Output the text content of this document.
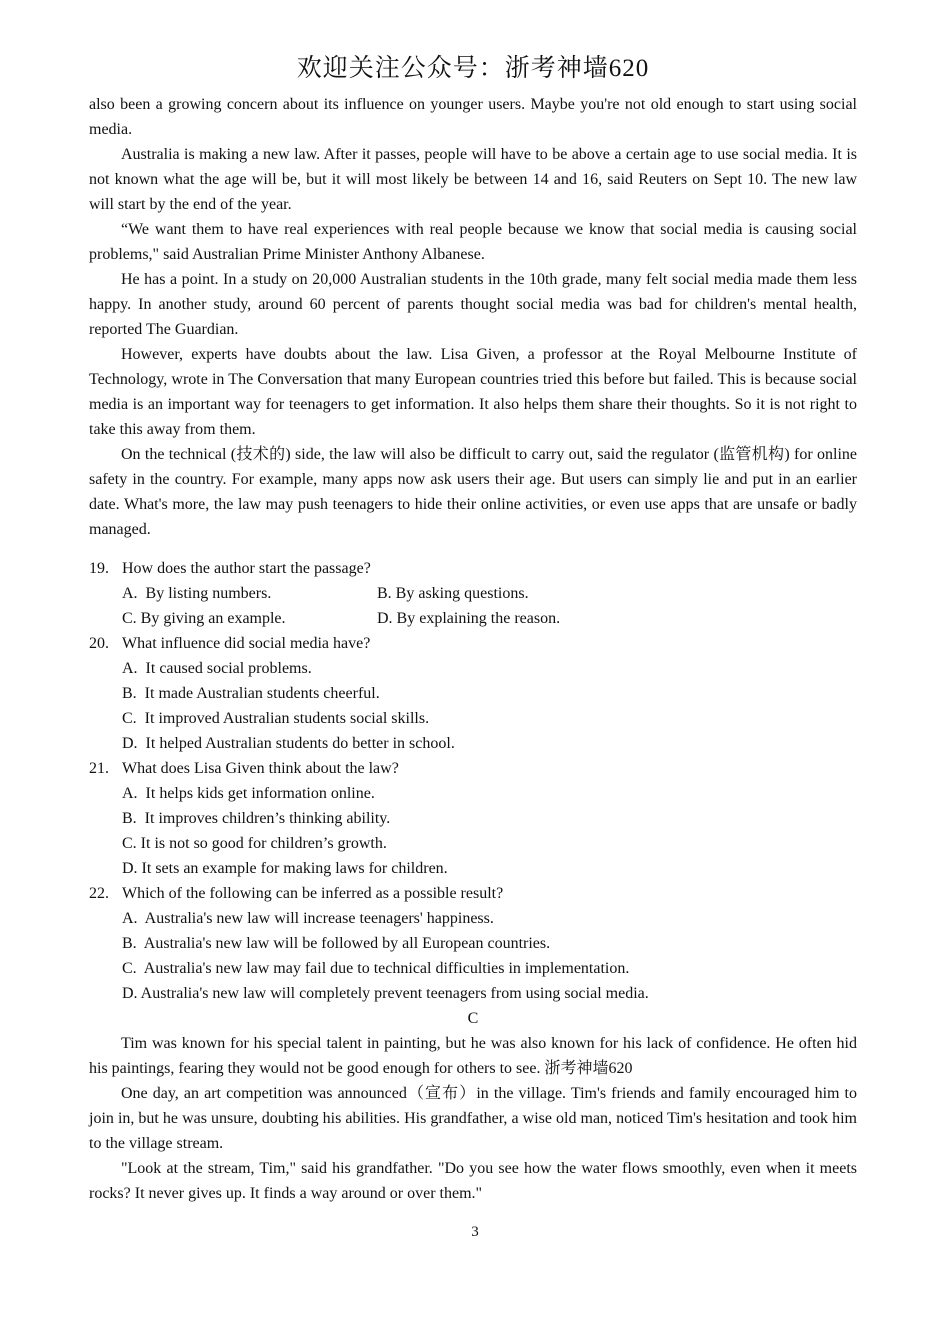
欢迎关注公众号：浙考神墙620

also been a growing concern about its influence on younger users. Maybe you're not old enough to start using social media.

Australia is making a new law. After it passes, people will have to be above a certain age to use social media. It is not known what the age will be, but it will most likely be between 14 and 16, said Reuters on Sept 10. The new law will start by the end of the year.

“We want them to have real experiences with real people because we know that social media is causing social problems," said Australian Prime Minister Anthony Albanese.

He has a point. In a study on 20,000 Australian students in the 10th grade, many felt social media made them less happy. In another study, around 60 percent of parents thought social media was bad for children's mental health, reported The Guardian.

However, experts have doubts about the law. Lisa Given, a professor at the Royal Melbourne Institute of Technology, wrote in The Conversation that many European countries tried this before but failed. This is because social media is an important way for teenagers to get information. It also helps them share their thoughts. So it is not right to take this away from them.

On the technical (技术的) side, the law will also be difficult to carry out, said the regulator (监管机构) for online safety in the country. For example, many apps now ask users their age. But users can simply lie and put in an earlier date. What's more, the law may push teenagers to hide their online activities, or even use apps that are unsafe or badly managed.

19. How does the author start the passage?
A.  By listing numbers.	B. By asking questions.
C. By giving an example.	D. By explaining the reason.
20. What influence did social media have?
A.  It caused social problems.
B.  It made Australian students cheerful.
C.  It improved Australian students social skills.
D.  It helped Australian students do better in school.
21. What does Lisa Given think about the law?
A.  It helps kids get information online.
B.  It improves children’s thinking ability.
C. It is not so good for children’s growth.
D. It sets an example for making laws for children.
22. Which of the following can be inferred as a possible result?
A.  Australia's new law will increase teenagers' happiness.
B.  Australia's new law will be followed by all European countries.
C.  Australia's new law may fail due to technical difficulties in implementation.
D. Australia's new law will completely prevent teenagers from using social media.
C

Tim was known for his special talent in painting, but he was also known for his lack of confidence. He often hid his paintings, fearing they would not be good enough for others to see. 浙考神墙620

One day, an art competition was announced（宣布）in the village. Tim's friends and family encouraged him to join in, but he was unsure, doubting his abilities. His grandfather, a wise old man, noticed Tim's hesitation and took him to the village stream.

"Look at the stream, Tim," said his grandfather. "Do you see how the water flows smoothly, even when it meets rocks? It never gives up. It finds a way around or over them."

3
